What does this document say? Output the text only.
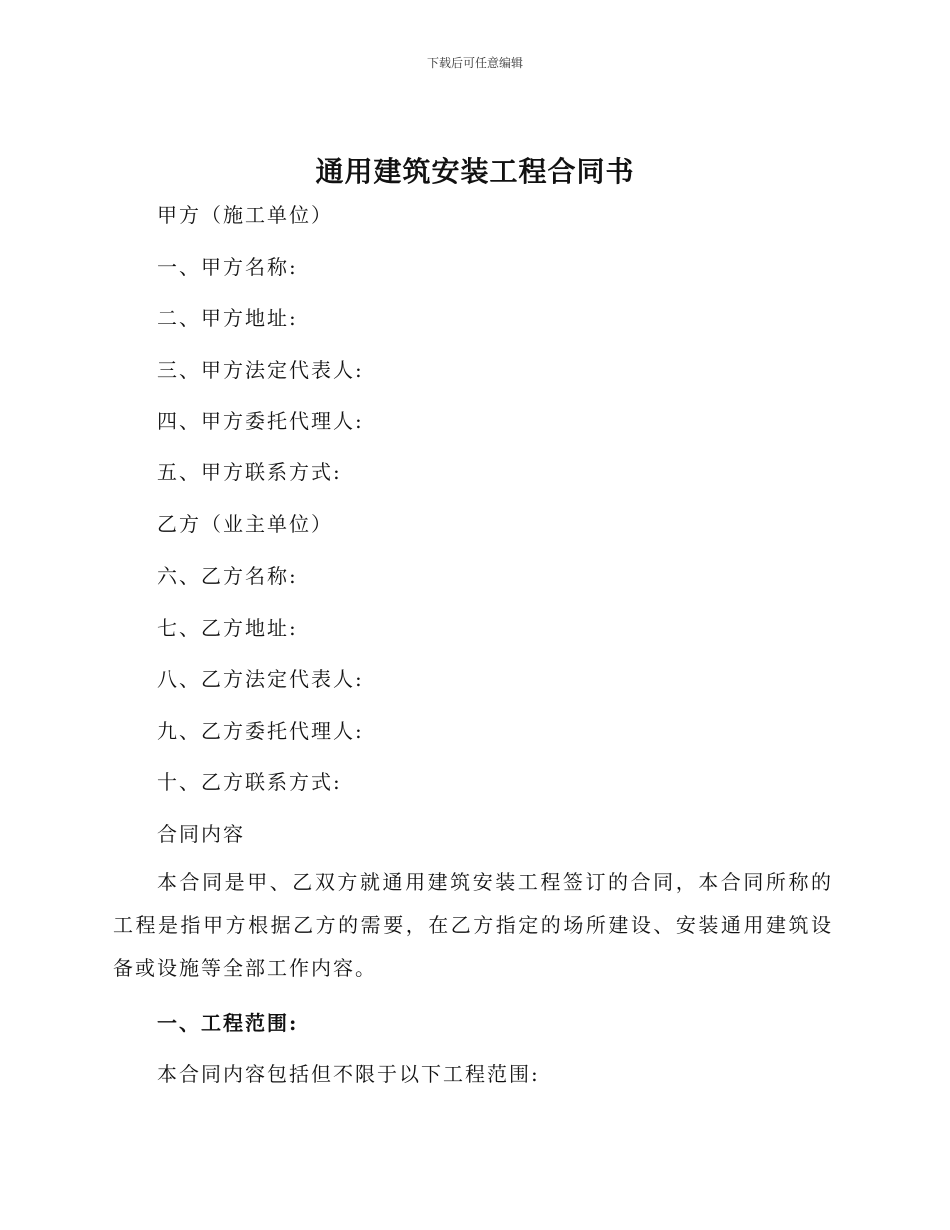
下载后可任意编辑
通用建筑安装工程合同书
甲方（施工单位）
一、甲方名称:
二、甲方地址:
三、甲方法定代表人:
四、甲方委托代理人:
五、甲方联系方式:
乙方（业主单位）
六、乙方名称:
七、乙方地址:
八、乙方法定代表人:
九、乙方委托代理人:
十、乙方联系方式:
合同内容

本合同是甲、乙双方就通用建筑安装工程签订的合同，本合同所称的工程是指甲方根据乙方的需要，在乙方指定的场所建设、安装通用建筑设备或设施等全部工作内容。

一、工程范围:
本合同内容包括但不限于以下工程范围:
